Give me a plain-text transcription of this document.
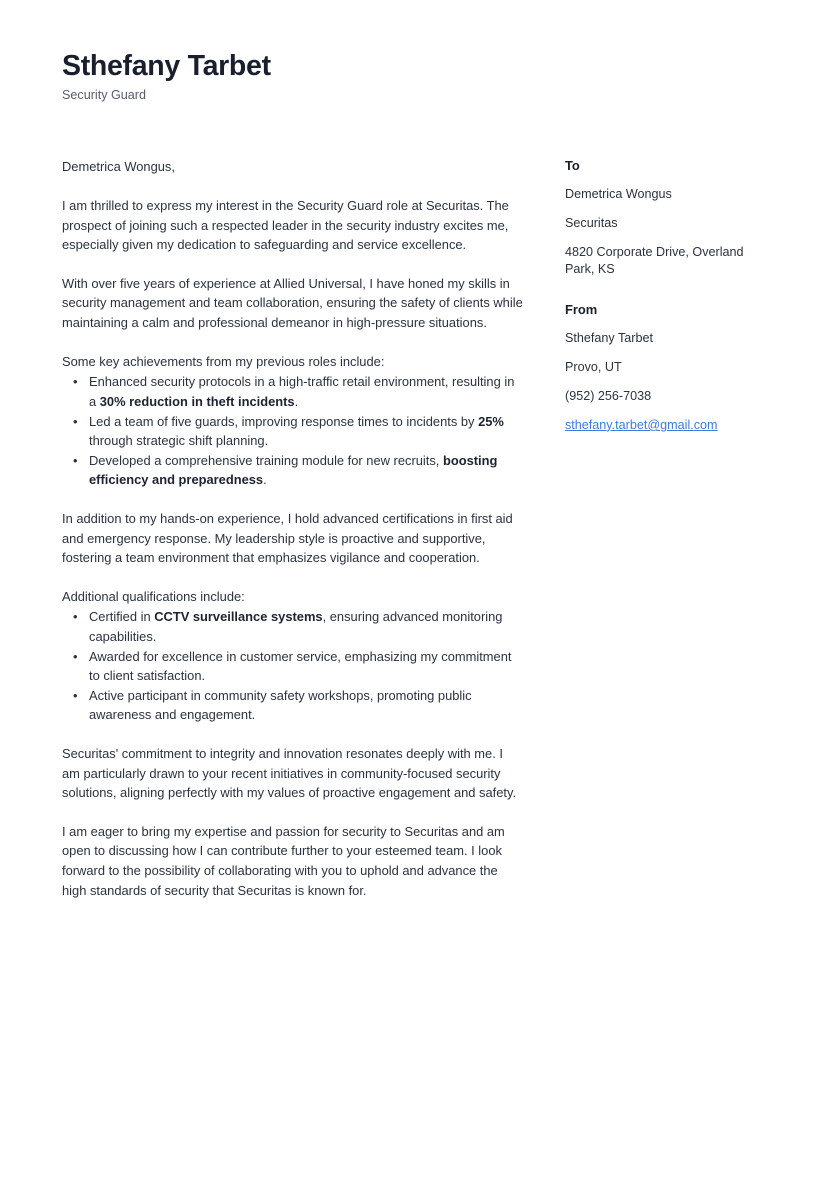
Sthefany Tarbet
Security Guard

Demetrica Wongus,

I am thrilled to express my interest in the Security Guard role at Securitas. The prospect of joining such a respected leader in the security industry excites me, especially given my dedication to safeguarding and service excellence.

With over five years of experience at Allied Universal, I have honed my skills in security management and team collaboration, ensuring the safety of clients while maintaining a calm and professional demeanor in high-pressure situations.

Some key achievements from my previous roles include:

• Enhanced security protocols in a high-traffic retail environment, resulting in a 30% reduction in theft incidents.
• Led a team of five guards, improving response times to incidents by 25% through strategic shift planning.
• Developed a comprehensive training module for new recruits, boosting efficiency and preparedness.

In addition to my hands-on experience, I hold advanced certifications in first aid and emergency response. My leadership style is proactive and supportive, fostering a team environment that emphasizes vigilance and cooperation.

Additional qualifications include:

• Certified in CCTV surveillance systems, ensuring advanced monitoring capabilities.
• Awarded for excellence in customer service, emphasizing my commitment to client satisfaction.
• Active participant in community safety workshops, promoting public awareness and engagement.

Securitas' commitment to integrity and innovation resonates deeply with me. I am particularly drawn to your recent initiatives in community-focused security solutions, aligning perfectly with my values of proactive engagement and safety.

I am eager to bring my expertise and passion for security to Securitas and am open to discussing how I can contribute further to your esteemed team. I look forward to the possibility of collaborating with you to uphold and advance the high standards of security that Securitas is known for.

To
Demetrica Wongus
Securitas
4820 Corporate Drive, Overland Park, KS
From
Sthefany Tarbet
Provo, UT
(952) 256-7038
sthefany.tarbet@gmail.com
